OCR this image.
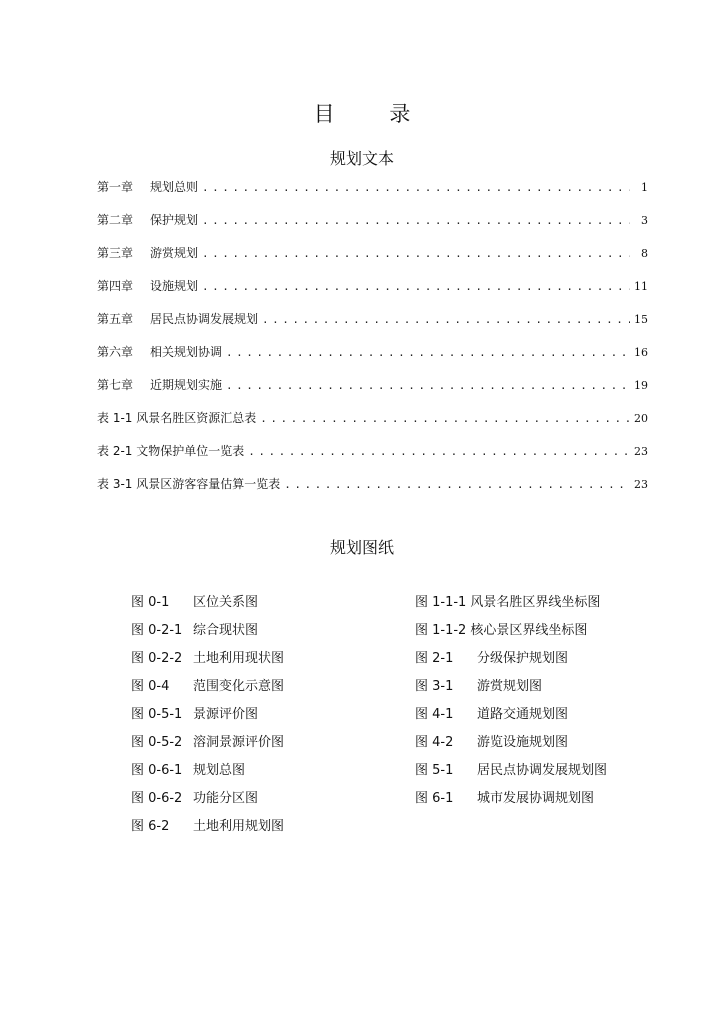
目 录
规划文本
第一章	规划总则 .....	1
第二章	保护规划 .....	3
第三章	游赏规划 .....	8
第四章	设施规划 .....	11
第五章	居民点协调发展规划 .....	15
第六章	相关规划协调 .....	16
第七章	近期规划实施 .....	19
表 1-1 风景名胜区资源汇总表 .....	20
表 2-1 文物保护单位一览表 .....	23
表 3-1 风景区游客容量估算一览表 .....	23
规划图纸
图 0-1	区位关系图
图 0-2-1 综合现状图
图 0-2-2 土地利用现状图
图 0-4	范围变化示意图
图 0-5-1 景源评价图
图 0-5-2 溶洞景源评价图
图 0-6-1 规划总图
图 0-6-2 功能分区图
图 6-2	土地利用规划图
图 1-1-1 风景名胜区界线坐标图
图 1-1-2 核心景区界线坐标图
图 2-1	分级保护规划图
图 3-1	游赏规划图
图 4-1	道路交通规划图
图 4-2	游览设施规划图
图 5-1	居民点协调发展规划图
图 6-1	城市发展协调规划图
